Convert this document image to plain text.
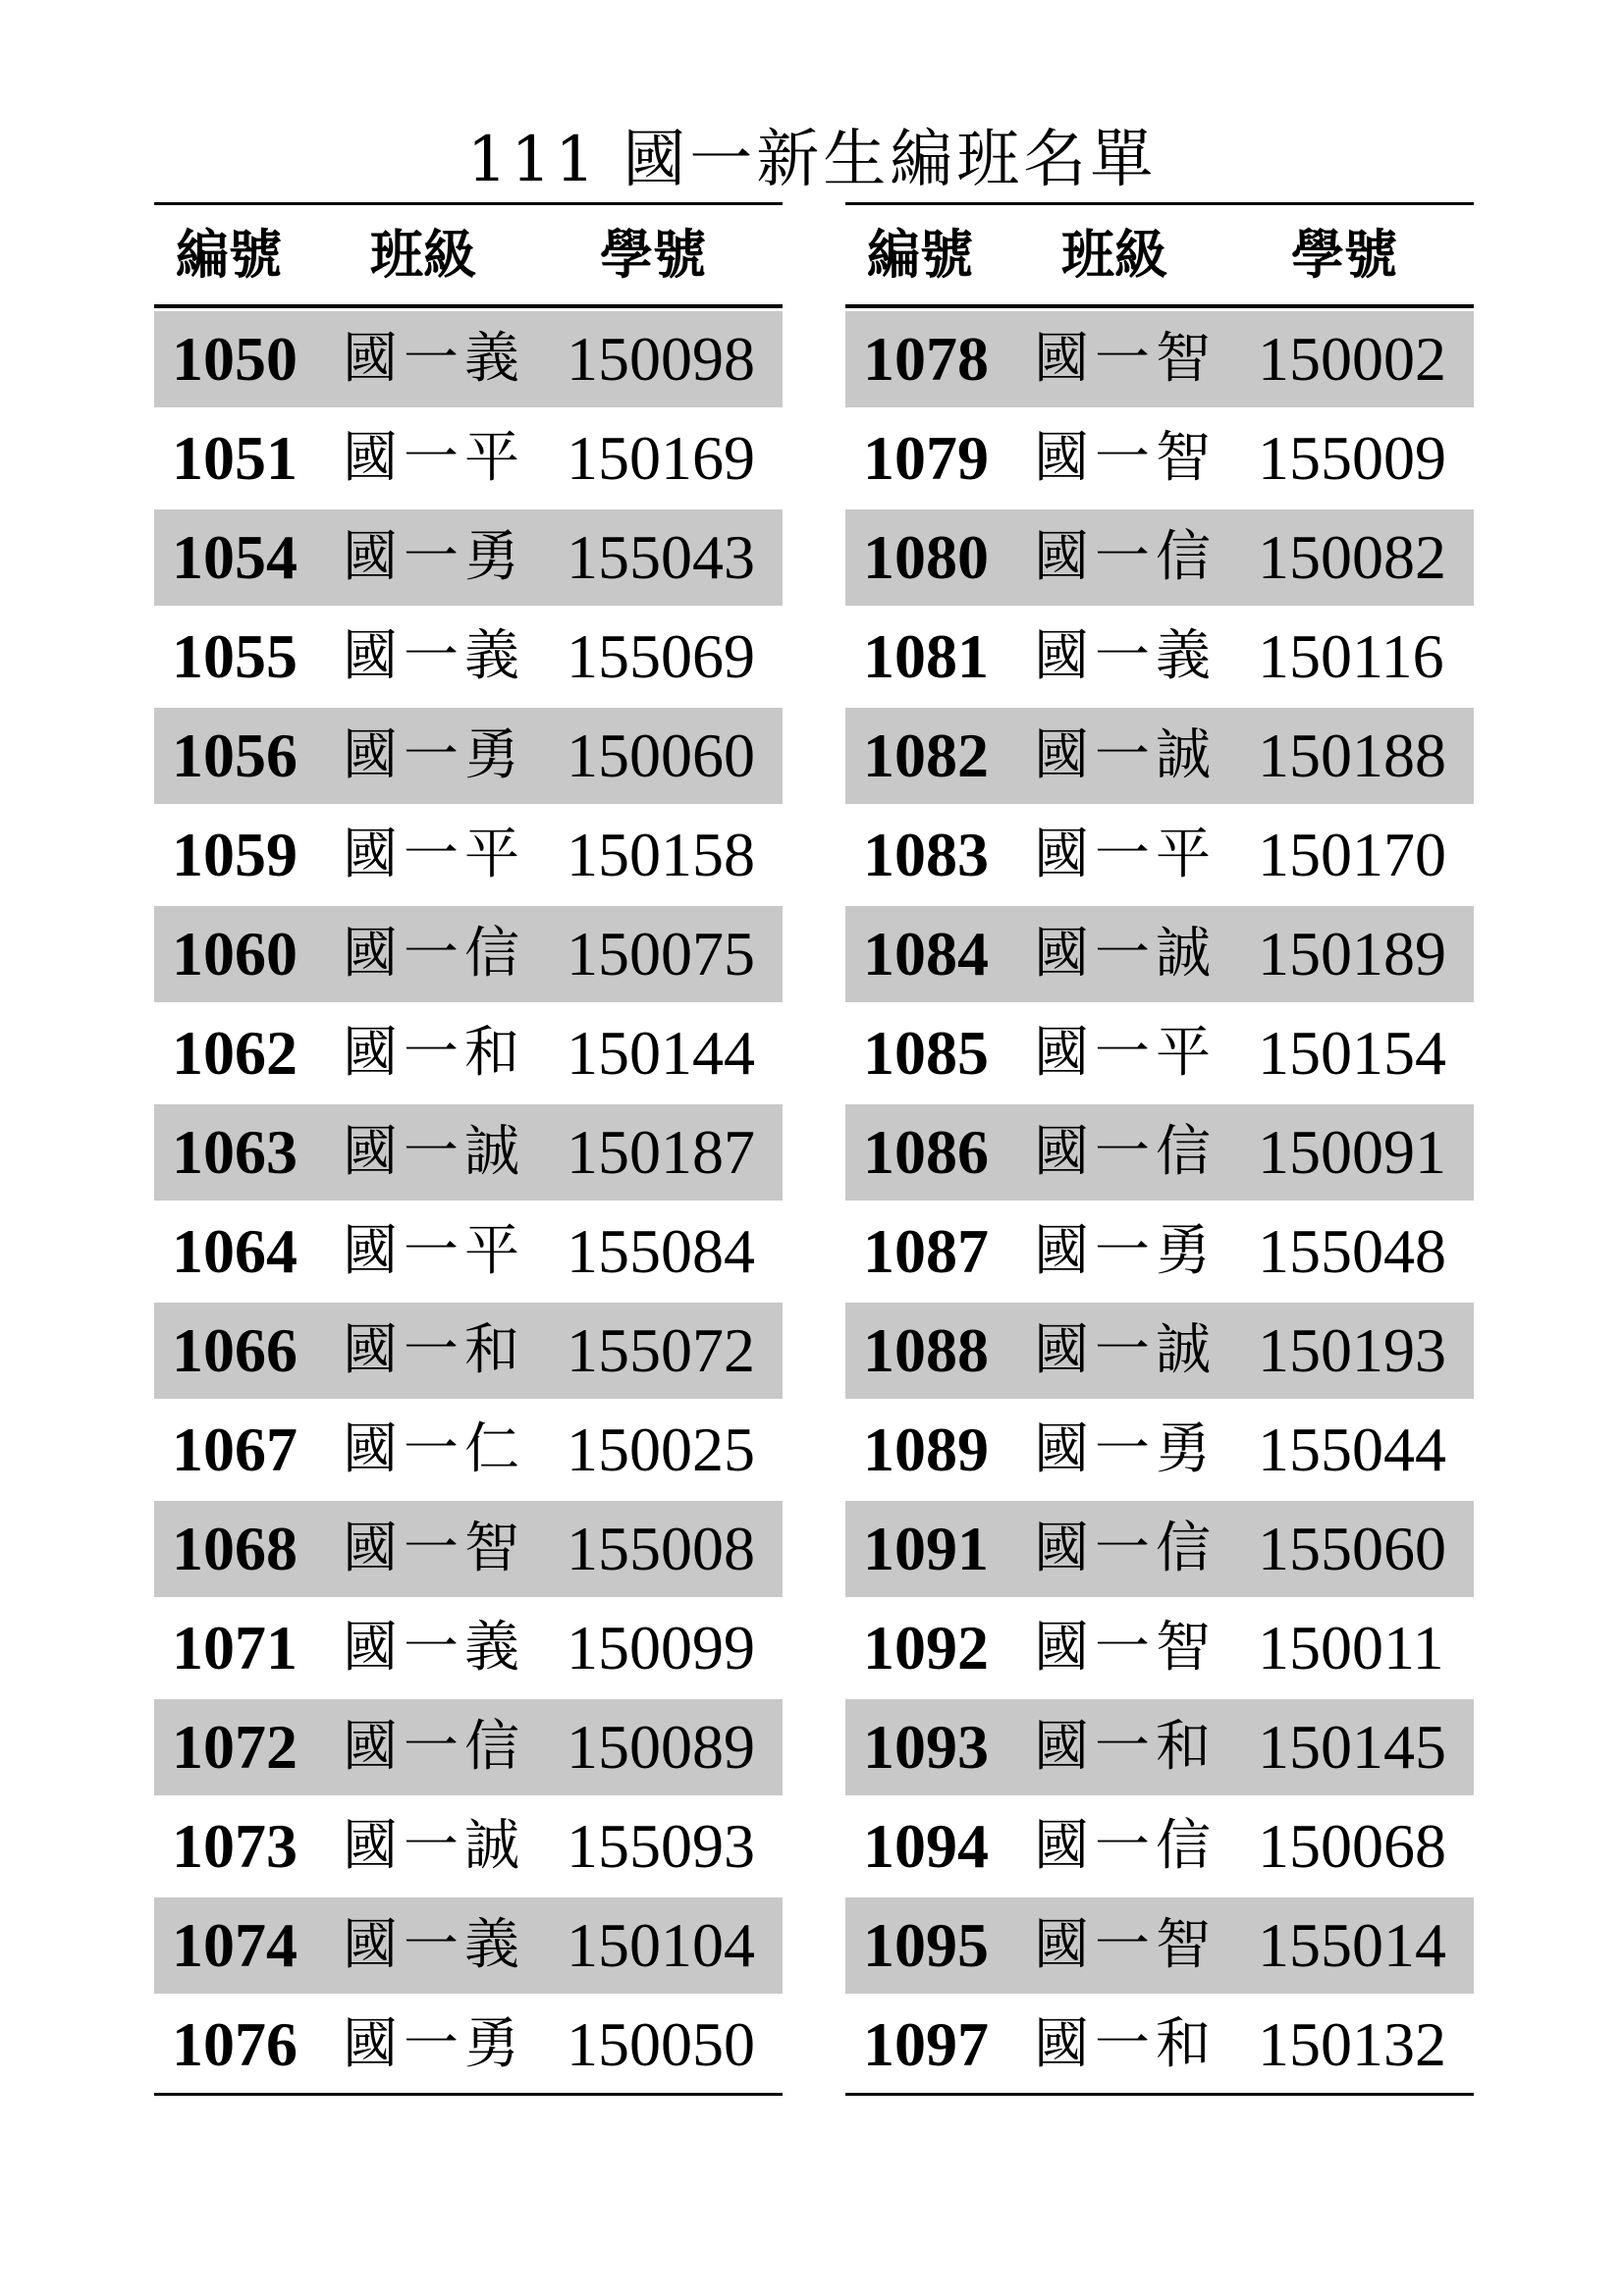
111 國一新生編班名單
編號 班級 學號
1050 國一義 150098
1051 國一平 150169
1054 國一勇 155043
1055 國一義 155069
1056 國一勇 150060
1059 國一平 150158
1060 國一信 150075
1062 國一和 150144
1063 國一誠 150187
1064 國一平 155084
1066 國一和 155072
1067 國一仁 150025
1068 國一智 155008
1071 國一義 150099
1072 國一信 150089
1073 國一誠 155093
1074 國一義 150104
1076 國一勇 150050
編號 班級 學號
1078 國一智 150002
1079 國一智 155009
1080 國一信 150082
1081 國一義 150116
1082 國一誠 150188
1083 國一平 150170
1084 國一誠 150189
1085 國一平 150154
1086 國一信 150091
1087 國一勇 155048
1088 國一誠 150193
1089 國一勇 155044
1091 國一信 155060
1092 國一智 150011
1093 國一和 150145
1094 國一信 150068
1095 國一智 155014
1097 國一和 150132
